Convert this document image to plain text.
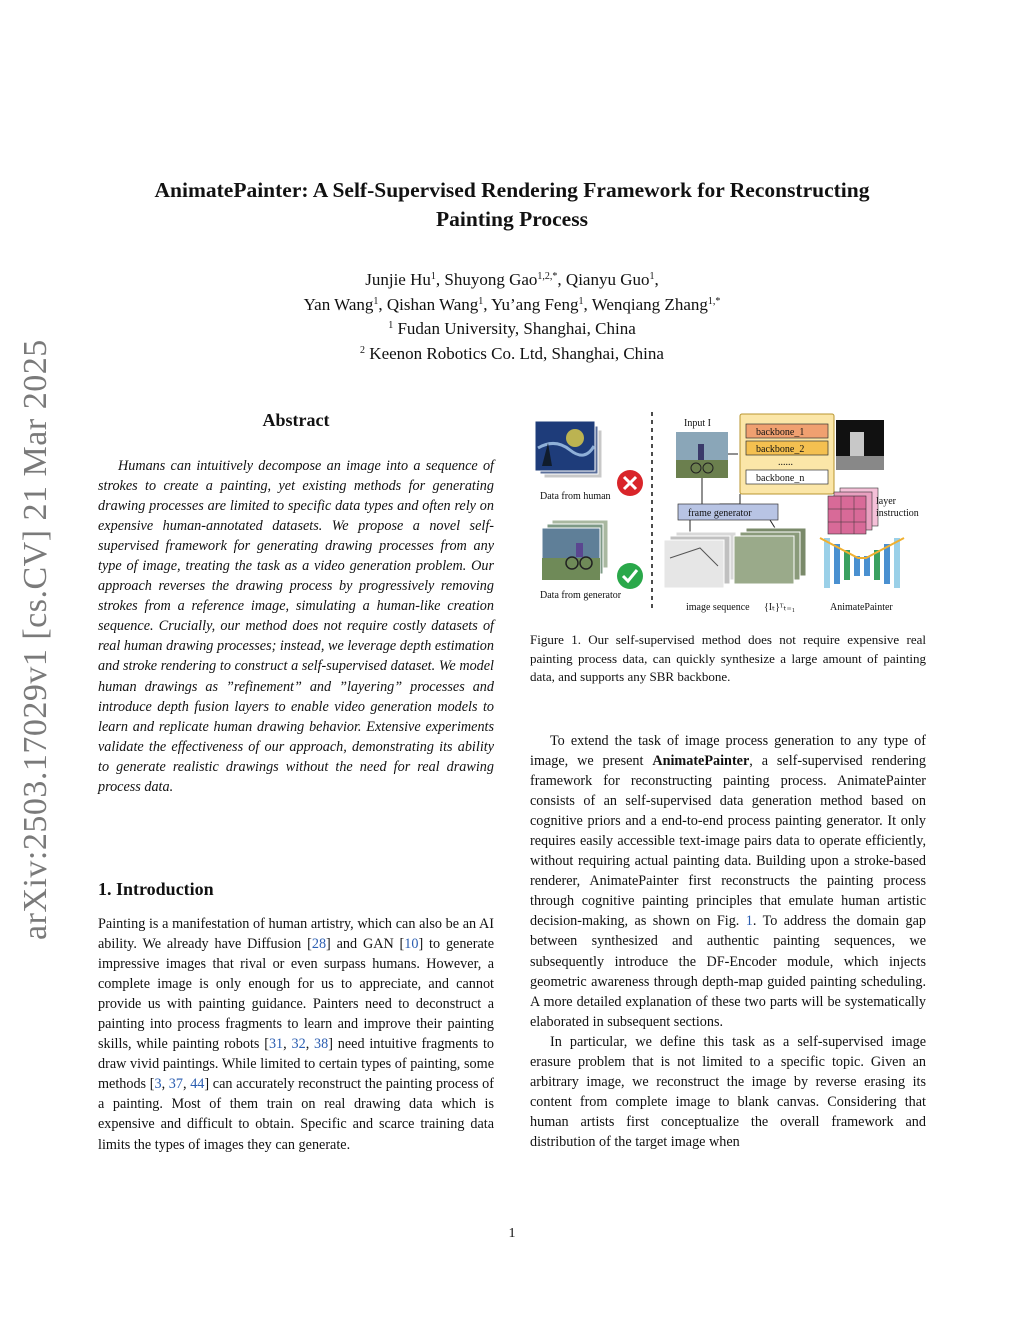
arXiv:2503.17029v1 [cs.CV] 21 Mar 2025
AnimatePainter: A Self-Supervised Rendering Framework for Reconstructing
Painting Process
Junjie Hu$^1$, Shuyong Gao$^{1,2,*}$, Qianyu Guo$^1$,
Yan Wang$^1$, Qishan Wang$^1$, Yu’ang Feng$^1$, Wenqiang Zhang$^{1,*}$
$^1$ Fudan University, Shanghai, China
$^2$ Keenon Robotics Co. Ltd, Shanghai, China
Abstract
Humans can intuitively decompose an image into a sequence of strokes to create a painting, yet existing methods for generating drawing processes are limited to specific data types and often rely on expensive human-annotated datasets. We propose a novel self-supervised framework for generating drawing processes from any type of image, treating the task as a video generation problem. Our approach reverses the drawing process by progressively removing strokes from a reference image, simulating a human-like creation sequence. Crucially, our method does not require costly datasets of real human drawing processes; instead, we leverage depth estimation and stroke rendering to construct a self-supervised dataset. We model human drawings as ”refinement” and ”layering” processes and introduce depth fusion layers to enable video generation models to learn and replicate human drawing behavior. Extensive experiments validate the effectiveness of our approach, demonstrating its ability to generate realistic drawings without the need for real drawing process data.
1. Introduction
Painting is a manifestation of human artistry, which can also be an AI ability. We already have Diffusion [28] and GAN [10] to generate impressive images that rival or even surpass humans. However, a complete image is only enough for us to appreciate, and cannot provide us with painting guidance. Painters need to deconstruct a painting into process fragments to learn and improve their painting skills, while painting robots [31, 32, 38] need intuitive fragments to draw vivid paintings. While limited to certain types of painting, some methods [3, 37, 44] can accurately reconstruct the painting process of a painting. Most of them train on real drawing data which is expensive and difficult to obtain. Specific and scarce training data limits the types of images they can generate.
Data from human
Data from generator
Input I
backbone_1
backbone_2
......
backbone_n
frame generator
image sequence {Iₜ}ᵀₜ₌₁
layer
instruction
AnimatePainter
Figure 1. Our self-supervised method does not require expensive real painting process data, can quickly synthesize a large amount of painting data, and supports any SBR backbone.

To extend the task of image process generation to any type of image, we present AnimatePainter, a self-supervised rendering framework for reconstructing painting process. AnimatePainter consists of an self-supervised data generation method based on cognitive priors and a end-to-end process painting generator. It only requires easily accessible text-image pairs data to operate efficiently, without requiring actual painting data. Building upon a stroke-based renderer, AnimatePainter first reconstructs the painting process through cognitive painting principles that emulate human artistic decision-making, as shown on Fig. 1. To address the domain gap between synthesized and authentic painting sequences, we subsequently introduce the DF-Encoder module, which injects geometric awareness through depth-map guided painting scheduling. A more detailed explanation of these two parts will be systematically elaborated in subsequent sections.

In particular, we define this task as a self-supervised image erasure problem that is not limited to a specific topic. Given an arbitrary image, we reconstruct the image by reverse erasing its content from complete image to blank canvas. Considering that human artists first conceptualize the overall framework and distribution of the target image when

1
